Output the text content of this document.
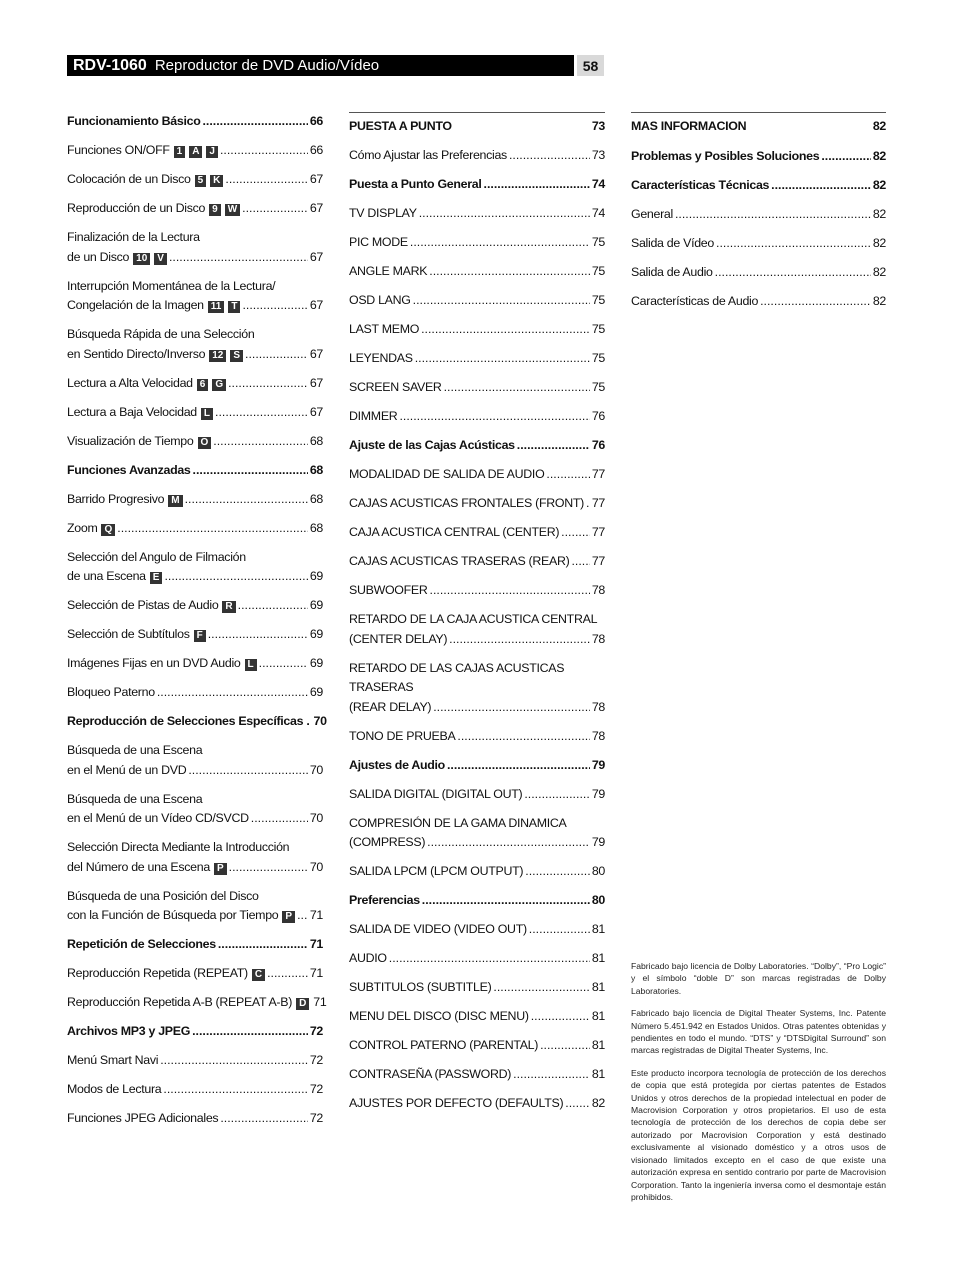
RDV-1060 Reproductor de DVD Audio/Vídeo	58
Funcionamiento Básico .....	66
Funciones ON/OFF 1	A	J .....	66
Colocación de un Disco 5	K .....	67
Reproducción de un Disco 9	W .....	67
Finalización de la Lectura
de un Disco 10	V .....	67
Interrupción Momentánea de la Lectura/
Congelación de la Imagen 11	T .....	67
Búsqueda Rápida de una Selección
en Sentido Directo/Inverso 12	S .....	67
Lectura a Alta Velocidad 6	G .....	67
Lectura a Baja Velocidad L .....	67
Visualización de Tiempo O .....	68
Funciones Avanzadas .....	68
Barrido Progresivo M .....	68
Zoom Q .....	68
Selección del Angulo de Filmación
de una Escena E .....	69
Selección de Pistas de Audio R .....	69
Selección de Subtítulos F .....	69
Imágenes Fijas en un DVD Audio L .....	69
Bloqueo Paterno .....	69
Reproducción de Selecciones Específicas . 70
Búsqueda de una Escena
en el Menú de un DVD .....	70
Búsqueda de una Escena
en el Menú de un Vídeo CD/SVCD .....	70
Selección Directa Mediante la Introducción
del Número de una Escena P .....	70
Búsqueda de una Posición del Disco
con la Función de Búsqueda por Tiempo P ..... 71
Repetición de Selecciones .....	71
Reproducción Repetida (REPEAT) C .....	71
Reproducción Repetida A-B (REPEAT A-B) D 71
Archivos MP3 y JPEG .....	72
Menú Smart Navi .....	72
Modos de Lectura .....	72
Funciones JPEG Adicionales .....	72
PUESTA A PUNTO	73
Cómo Ajustar las Preferencias .....	73
Puesta a Punto General .....	74
TV DISPLAY .....	74
PIC MODE .....	75
ANGLE MARK .....	75
OSD LANG .....	75
LAST MEMO .....	75
LEYENDAS .....	75
SCREEN SAVER .....	75
DIMMER .....	76
Ajuste de las Cajas Acústicas .....	76
MODALIDAD DE SALIDA DE AUDIO .....	77
CAJAS ACUSTICAS FRONTALES (FRONT) ..... 77
CAJA ACUSTICA CENTRAL (CENTER) .....	77
CAJAS ACUSTICAS TRASERAS (REAR) ..... 77
SUBWOOFER .....	78
RETARDO DE LA CAJA ACUSTICA CENTRAL
(CENTER DELAY) .....	78
RETARDO DE LAS CAJAS ACUSTICAS TRASERAS
(REAR DELAY) .....	78
TONO DE PRUEBA .....	78
Ajustes de Audio .....	79
SALIDA DIGITAL (DIGITAL OUT) .....	79
COMPRESIÓN DE LA GAMA DINAMICA
(COMPRESS) .....	79
SALIDA LPCM (LPCM OUTPUT) .....	80
Preferencias .....	80
SALIDA DE VIDEO (VIDEO OUT) .....	81
AUDIO .....	81
SUBTITULOS (SUBTITLE) .....	81
MENU DEL DISCO (DISC MENU) .....	81
CONTROL PATERNO (PARENTAL) .....	81
CONTRASEÑA (PASSWORD) .....	81
AJUSTES POR DEFECTO (DEFAULTS) ..... 82
MAS INFORMACION	82
Problemas y Posibles Soluciones .....	82
Características Técnicas .....	82
General .....	82
Salida de Vídeo .....	82
Salida de Audio .....	82
Características de Audio .....	82

Fabricado bajo licencia de Dolby Laboratories. “Dolby”, “Pro Logic” y el símbolo “doble D” son marcas registradas de Dolby Laboratories.

Fabricado bajo licencia de Digital Theater Systems, Inc. Patente Número 5.451.942 en Estados Unidos. Otras patentes obtenidas y pendientes en todo el mundo. “DTS” y “DTSDigital Surround” son marcas registradas de Digital Theater Systems, Inc.

Este producto incorpora tecnología de protección de los derechos de copia que está protegida por ciertas patentes de Estados Unidos y otros derechos de la propiedad intelectual en poder de Macrovision Corporation y otros propietarios. El uso de esta tecnología de protección de los derechos de copia debe ser autorizado por Macrovision Corporation y está destinado exclusivamente al visionado doméstico y a otros usos de visionado limitados excepto en el caso de que existe una autorización expresa en sentido contrario por parte de Macrovision Corporation. Tanto la ingeniería inversa como el desmontaje están prohibidos.
